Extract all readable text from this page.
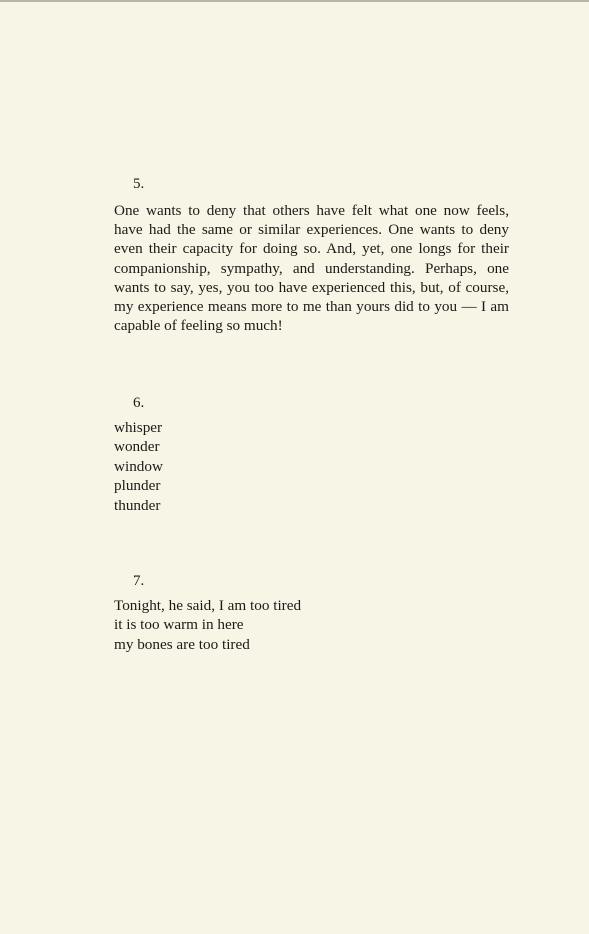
5.

One wants to deny that others have felt what one now feels, have had the same or similar experiences. One wants to deny even their capacity for doing so. And, yet, one longs for their companionship, sympathy, and understanding. Perhaps, one wants to say, yes, you too have experienced this, but, of course, my experience means more to me than yours did to you — I am capable of feeling so much!

6.
whisper
wonder
window
plunder
thunder
7.
Tonight, he said, I am too tired
it is too warm in here
my bones are too tired
